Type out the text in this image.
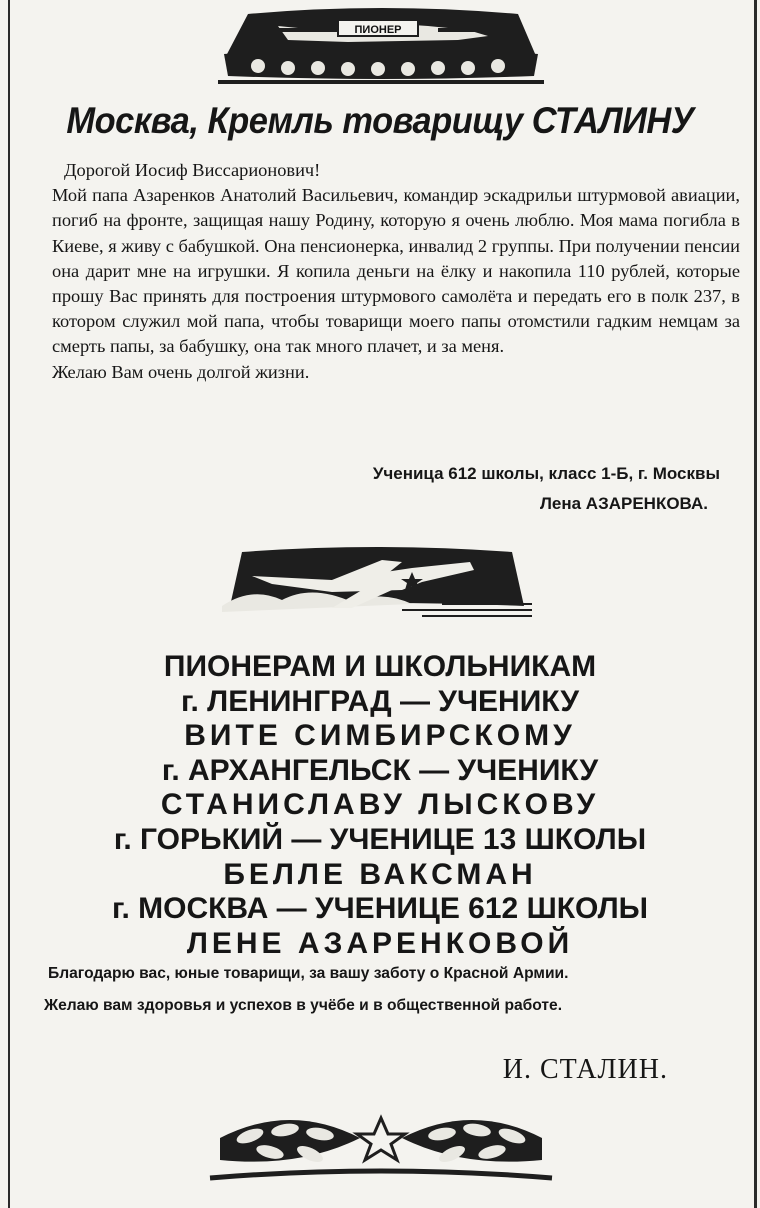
ПИОНЕР
Москва, Кремль товарищу СТАЛИНУ

Дорогой Иосиф Виссарионович!

Мой папа Азаренков Анатолий Васильевич, командир эскадрильи штурмовой авиации, погиб на фронте, защищая нашу Родину, которую я очень люблю. Моя мама погибла в Киеве, я живу с бабушкой. Она пенсионерка, инвалид 2 группы. При получении пенсии она дарит мне на игрушки. Я копила деньги на ёлку и накопила 110 рублей, которые прошу Вас принять для построения штурмового самолёта и передать его в полк 237, в котором служил мой папа, чтобы товарищи моего папы отомстили гадким немцам за смерть папы, за бабушку, она так много плачет, и за меня.

Желаю Вам очень долгой жизни.

Ученица 612 школы, класс 1-Б, г. Москвы
Лена АЗАРЕНКОВА.
ПИОНЕРАМ И ШКОЛЬНИКАМ
г. ЛЕНИНГРАД — УЧЕНИКУ
ВИТЕ СИМБИРСКОМУ
г. АРХАНГЕЛЬСК — УЧЕНИКУ
СТАНИСЛАВУ ЛЫСКОВУ
г. ГОРЬКИЙ — УЧЕНИЦЕ 13 ШКОЛЫ
БЕЛЛЕ ВАКСМАН
г. МОСКВА — УЧЕНИЦЕ 612 ШКОЛЫ
ЛЕНЕ АЗАРЕНКОВОЙ

Благодарю вас, юные товарищи, за вашу заботу о Красной Армии.

Желаю вам здоровья и успехов в учёбе и в общественной работе.

И. СТАЛИН.
